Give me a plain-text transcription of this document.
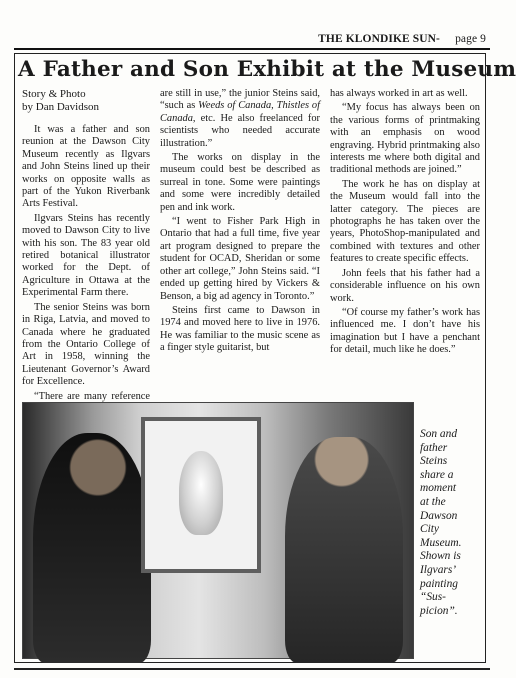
THE KLONDIKE SUN- page 9
A Father and Son Exhibit at the Museum
Story & Photo
by Dan Davidson

It was a father and son reunion at the Dawson City Museum recently as Ilgvars and John Steins lined up their works on opposite walls as part of the Yukon Riverbank Arts Festival.

Ilgvars Steins has recently moved to Dawson City to live with his son. The 83 year old retired botanical illustrator worked for the Dept. of Agriculture in Ottawa at the Experimental Farm there.

The senior Steins was born in Riga, Latvia, and moved to Canada where he graduated from the Ontario College of Art in 1958, winning the Lieutenant Governor’s Award for Excellence.

“There are many reference

are still in use,” the junior Steins said, “such as Weeds of Canada, Thistles of Canada, etc. He also freelanced for scientists who needed accurate illustration.”

The works on display in the museum could best be described as surreal in tone. Some were paintings and some were incredibly detailed pen and ink work.

“I went to Fisher Park High in Ontario that had a full time, five year art program designed to prepare the student for OCAD, Sheridan or some other art college,” John Steins said. “I ended up getting hired by Vickers & Benson, a big ad agency in Toronto.”

Steins first came to Dawson in 1974 and moved here to live in 1976. He was familiar to the music scene as a finger style guitarist, but

has always worked in art as well.

“My focus has always been on the various forms of printmaking with an emphasis on wood engraving. Hybrid printmaking also interests me where both digital and traditional methods are joined.”

The work he has on display at the Museum would fall into the latter category. The pieces are photographs he has taken over the years, PhotoShop-manipulated and combined with textures and other features to create specific effects.

John feels that his father had a considerable influence on his own work.

“Of course my father’s work has influenced me. I don’t have his imagination but I have a penchant for detail, much like he does.”

Son and
father
Steins
share a
moment
at the
Dawson
City
Museum.
Shown is
Ilgvars’
painting
“Sus-
picion”.
